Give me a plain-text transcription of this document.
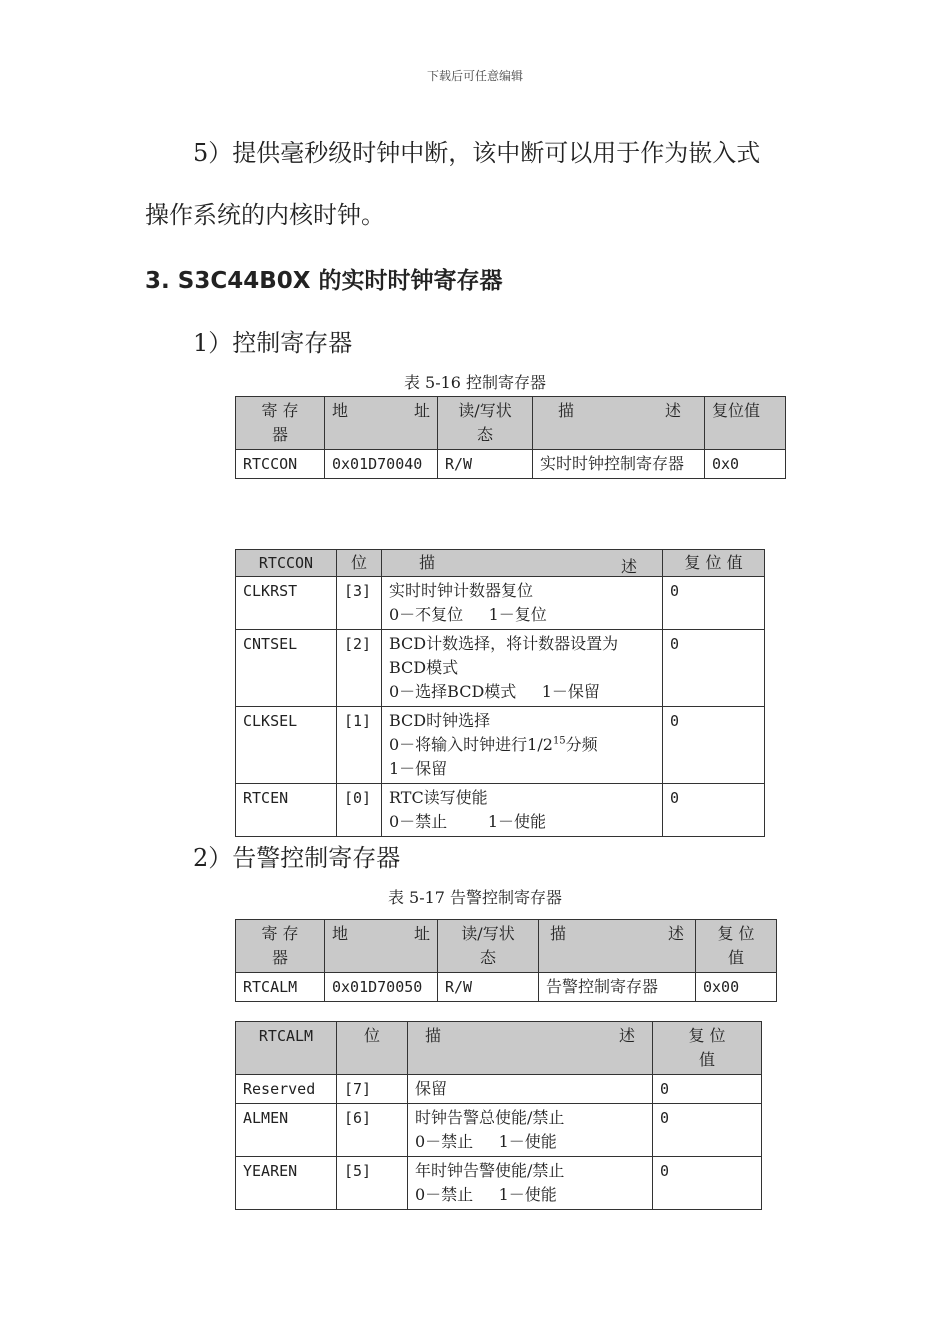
下载后可任意编辑
5）提供毫秒级时钟中断，该中断可以用于作为嵌入式
操作系统的内核时钟。
3. S3C44B0X 的实时时钟寄存器
1）控制寄存器
表 5-16 控制寄存器
寄 存
器	地 址	读/写状
态	描 述	复位值
RTCCON	0x01D70040	R/W	实时时钟控制寄存器	0x0
RTCCON	位	描 述	复 位 值
CLKRST	[3]	实时时钟计数器复位
0－不复位     1－复位	0
CNTSEL	[2]	BCD计数选择，将计数器设置为
BCD模式
0－选择BCD模式     1－保留	0
CLKSEL	[1]	BCD时钟选择
0－将输入时钟进行$1/2^{15}$分频
1－保留	0
RTCEN	[0]	RTC读写使能
0－禁止        1－使能	0
2）告警控制寄存器
表 5-17 告警控制寄存器
寄 存
器	地 址	读/写状
态	描 述	复 位
值

RTCALM	0x01D70050	R/W	告警控制寄存器	0x00
RTCALM	位	描 述	复 位
值

Reserved	[7]	保留	0
ALMEN	[6]	时钟告警总使能/禁止
0－禁止     1－使能	0
YEAREN	[5]	年时钟告警使能/禁止
0－禁止     1－使能	0
